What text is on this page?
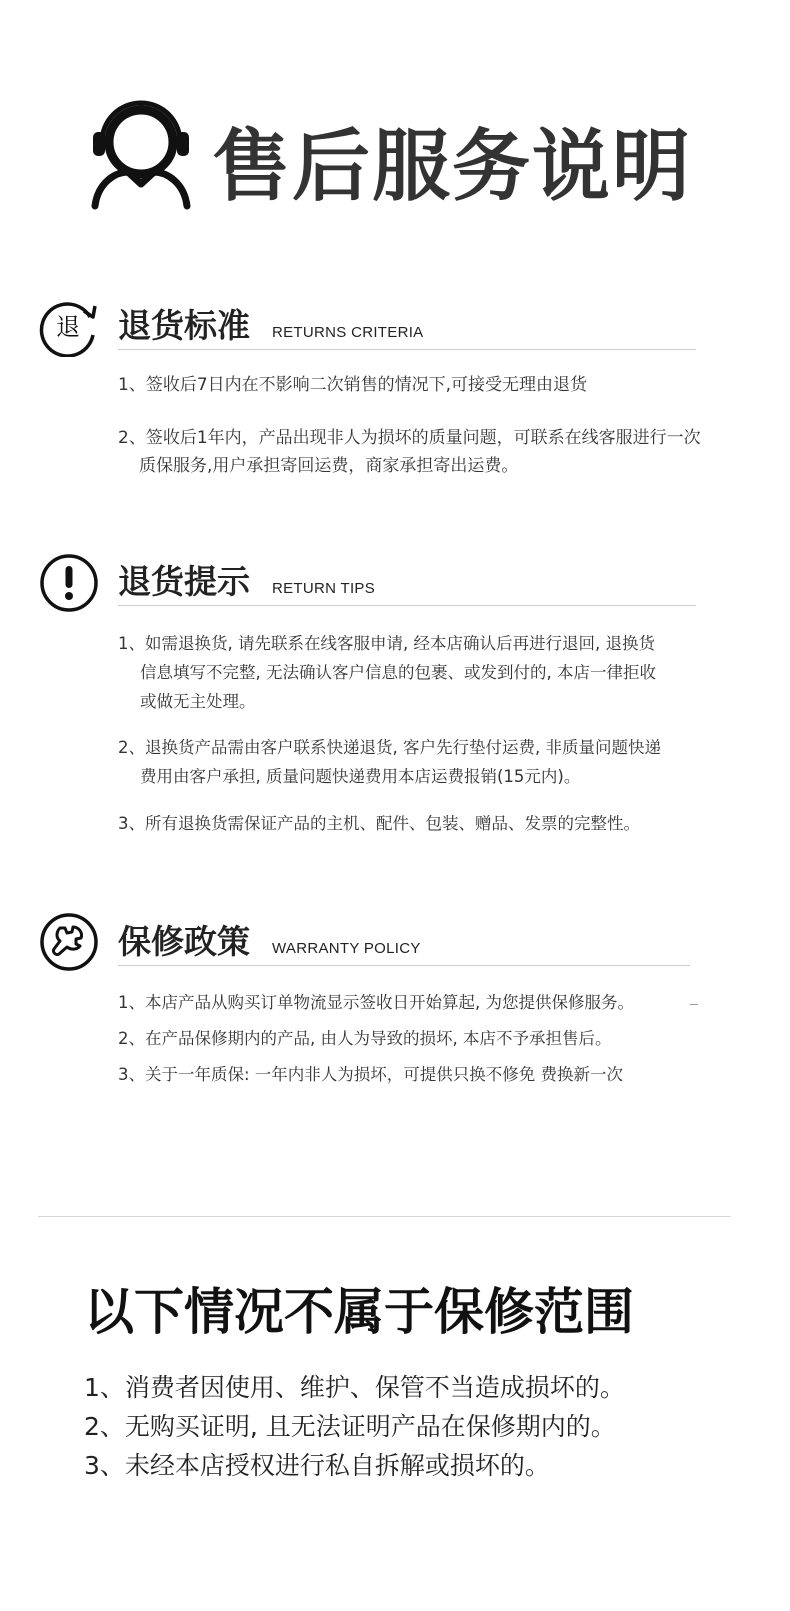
售后服务说明
退 退货标准 RETURNS CRITERIA
1、签收后7日内在不影响二次销售的情况下,可接受无理由退货
2、签收后1年内，产品出现非人为损坏的质量问题，可联系在线客服进行一次
质保服务,用户承担寄回运费，商家承担寄出运费。
退货提示 RETURN TIPS
1、如需退换货, 请先联系在线客服申请, 经本店确认后再进行退回, 退换货
信息填写不完整, 无法确认客户信息的包裹、或发到付的, 本店一律拒收
或做无主处理。
2、退换货产品需由客户联系快递退货, 客户先行垫付运费, 非质量问题快递
费用由客户承担, 质量问题快递费用本店运费报销(15元内)。
3、所有退换货需保证产品的主机、配件、包装、赠品、发票的完整性。
保修政策 WARRANTY POLICY
1、本店产品从购买订单物流显示签收日开始算起, 为您提供保修服务。
2、在产品保修期内的产品, 由人为导致的损坏, 本店不予承担售后。
3、关于一年质保: 一年内非人为损坏，可提供只换不修免 费换新一次
以下情况不属于保修范围
1、消费者因使用、维护、保管不当造成损坏的。
2、无购买证明, 且无法证明产品在保修期内的。
3、未经本店授权进行私自拆解或损坏的。
